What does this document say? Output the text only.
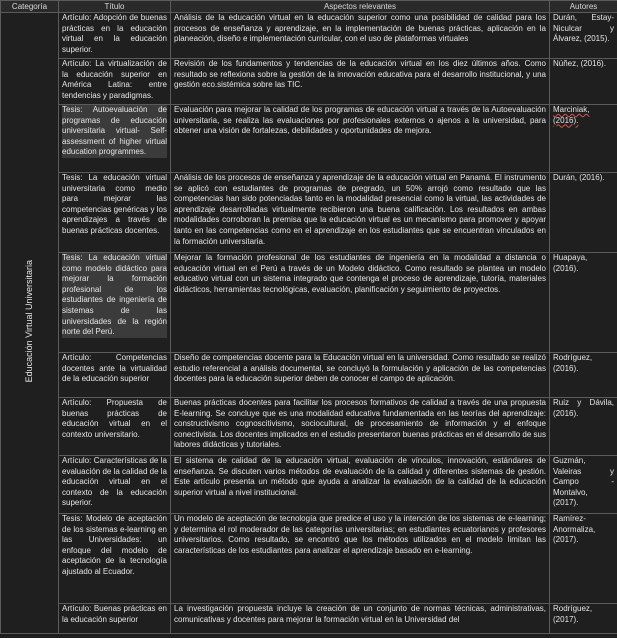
Categoría	Título	Aspectos relevantes	Autores
Educación Virtual Universitaria	Artículo: Adopción de buenas prácticas en la educación virtual en la educación superior.	Análisis de la educación virtual en la educación superior como una posibilidad de calidad para los procesos de enseñanza y aprendizaje, en la implementación de buenas prácticas, aplicación en la planeación, diseño e implementación curricular, con el uso de plataformas virtuales	Durán, Estay-Niculcar y Álvarez, (2015).
	Artículo: La virtualización de la educación superior en América Latina: entre tendencias y paradigmas.	Revisión de los fundamentos y tendencias de la educación virtual en los diez últimos años. Como resultado se reflexiona sobre la gestión de la innovación educativa para el desarrollo institucional, y una gestión eco.sistémica sobre las TIC.	Núñez, (2016).

	Tesis: Autoevaluación de programas de educación universitaria virtual- Self-assessment of higher virtual education programmes.	Evaluación para mejorar la calidad de los programas de educación virtual a través de la Autoevaluación universitaria, se realiza las evaluaciones por profesionales externos o ajenos a la universidad, para obtener una visión de fortalezas, debilidades y oportunidades de mejora.	Marciniak, (2016).
	Tesis: La educación virtual universitaria como medio para mejorar las competencias genéricas y los aprendizajes a través de buenas prácticas docentes.	Análisis de los procesos de enseñanza y aprendizaje de la educación virtual en Panamá. El instrumento se aplicó con estudiantes de programas de pregrado, un 50% arrojó como resultado que las competencias han sido potenciadas tanto en la modalidad presencial como la virtual, las actividades de aprendizaje desarrolladas virtualmente recibieron una buena calificación. Los resultados en ambas modalidades corroboran la premisa que la educación virtual es un mecanismo para promover y apoyar tanto en las competencias como en el aprendizaje en los estudiantes que se encuentran vinculados en la formación universitaria.	Durán, (2016).

	Tesis: La educación virtual como modelo didáctico para mejorar la formación profesional de los estudiantes de ingeniería de sistemas de las universidades de la región norte del Perú.	Mejorar la formación profesional de los estudiantes de ingeniería en la modalidad a distancia o educación virtual en el Perú a través de un Modelo didáctico. Como resultado se plantea un modelo educativo virtual con un sistema integrado que contenga el proceso de aprendizaje, tutoría, materiales didácticos, herramientas tecnológicas, evaluación, planificación y seguimiento de proyectos.	Huapaya, (2016).
	Artículo: Competencias docentes ante la virtualidad de la educación superior	Diseño de competencias docente para la Educación virtual en la universidad. Como resultado se realizó estudio referencial a análisis documental, se concluyó la formulación y aplicación de las competencias docentes para la educación superior deben de conocer el campo de aplicación.	Rodríguez, (2016).
	Artículo: Propuesta de buenas prácticas de educación virtual en el contexto universitario.	Buenas prácticas docentes para facilitar los procesos formativos de calidad a través de una propuesta E-learning. Se concluye que es una modalidad educativa fundamentada en las teorías del aprendizaje: constructivismo cognoscitivismo, sociocultural, de procesamiento de información y el enfoque conectivista. Los docentes implicados en el estudio presentaron buenas prácticas en el desarrollo de sus labores didácticas y tutoriales.	Ruiz y Dávila, (2016).
	Artículo: Características de la evaluación de la calidad de la educación virtual en el contexto de la educación superior.	El sistema de calidad de la educación virtual, evaluación de vínculos, innovación, estándares de enseñanza. Se discuten varios métodos de evaluación de la calidad y diferentes sistemas de gestión. Este artículo presenta un método que ayuda a analizar la evaluación de la calidad de la educación superior virtual a nivel institucional.	Guzmán, Valeiras y Campo - Montalvo, (2017).
	Tesis: Modelo de aceptación de los sistemas e-learning en las Universidades: un enfoque del modelo de aceptación de la tecnología ajustado al Ecuador.	Un modelo de aceptación de tecnología que predice el uso y la intención de los sistemas de e-learning; y determina el rol moderador de las categorías universitarias; en estudiantes ecuatorianos y profesores universitarios. Como resultado, se encontró que los métodos utilizados en el modelo limitan las características de los estudiantes para analizar el aprendizaje basado en e-learning.	Ramírez-Anormaliza, (2017).
	Artículo: Buenas prácticas en la educación superior	La investigación propuesta incluye la creación de un conjunto de normas técnicas, administrativas, comunicativas y docentes para mejorar la formación virtual en la Universidad del	Rodríguez, (2017).
